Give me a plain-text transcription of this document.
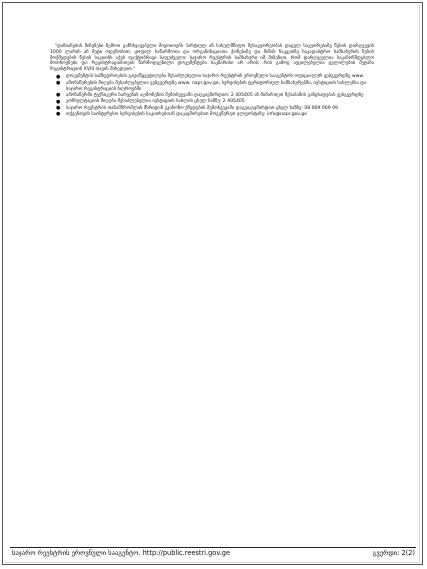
"დაზიანების მიზეზები ზემოთ განსხვავებული მიუთითებს პარტიულ ან სახელმწიფო მესაკუთრეობას დაცულ საკუთრებაზე წესის დარღვევის 1000 ლარის ან მეტი ოდენობით; ყოფილ საწარმოთა და ორგანიზაციათა ქონებაზე და მიწის ნაკვეთზე საკადასტრო სამსახურის წესის მოქმედების წესის საკითხს აქვს ფაქტობრივი საფუძველი; საჯარო რეესტრის სამსახური იმ მიზეზით, რომ დარღვეულია საკანონმდებლო მოთხოვნები და რეგისტრაციისთვის წარმოდგენილი დოკუმენტები საკმარისი არ არის; რის გამოც აუცილებელია ცვლილების შეტანა რეგისტრაციის XVIII თავის მიხედვით."

● დოკუმენტის სამხედროების გადაწყვეტილება შესაძლებელია საჯარო რეესტრის ეროვნული სააგენტოს ოფიციალურ ვებგვერდზე www.
● ამონაწერების მიღება შესაძლებელია ვებგვერდზე www. napr.gov.ge, სერვისების ტერიტორიულ სამსახურებში, იუსტიციის სახლებსა და საჯარო რეგისტრაციის ბიუროებში
● ამონაწერში ტექნიკური ხარვეზის აღმოჩენის შემთხვევაში დაუკავშირდით: 2 405405 ან მიმართეთ შესაბამის განცხადებას ვებგვერდზე
● კონსულტაციის მიღება შესაძლებელია იუსტიციის სახლის ცხელ ხაზზე: 2 405405
● საჯარო რეესტრის თანამშრომლის მხრიდან უკანონო ქმედების შემთხვევაში დაგვიკავშირდით ცხელ ხაზზე: 08 009 009 09
● თქვენთვის საინტერესო სერვისების საკითხებთან დაკავშირებით მოგვწერეთ ელფოსტაზე: info@napr.gov.ge
საჯარო რეესტრის ეროვნული სააგენტო. http://public.reestri.gov.ge	გვერდი: 2(2)
